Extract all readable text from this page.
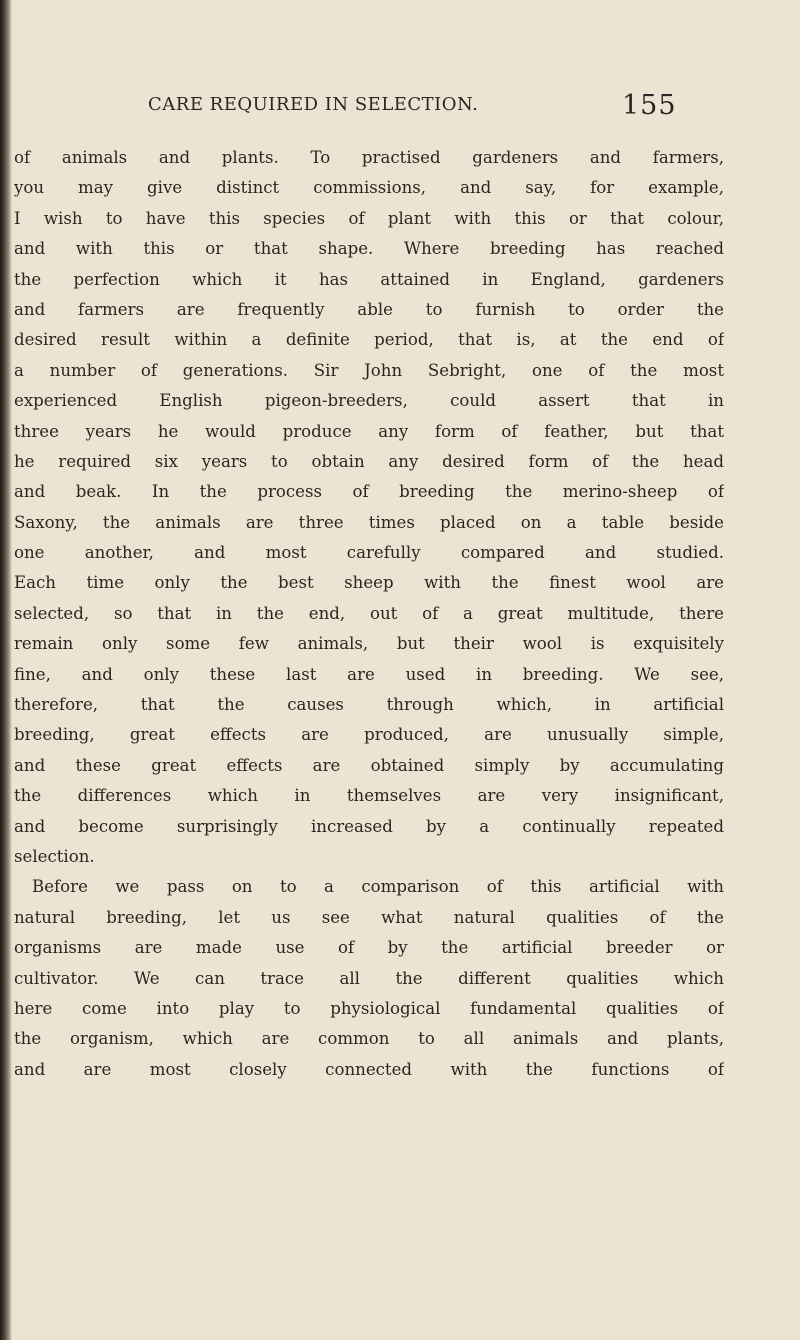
CARE REQUIRED IN SELECTION.	155
of animals and plants. To practised gardeners and farmers,
you may give distinct commissions, and say, for example,
I wish to have this species of plant with this or that colour,
and with this or that shape. Where breeding has reached
the perfection which it has attained in England, gardeners
and farmers are frequently able to furnish to order the
desired result within a definite period, that is, at the end of
a number of generations. Sir John Sebright, one of the most
experienced English pigeon-breeders, could assert that in
three years he would produce any form of feather, but that
he required six years to obtain any desired form of the head
and beak. In the process of breeding the merino-sheep of
Saxony, the animals are three times placed on a table beside
one another, and most carefully compared and studied.
Each time only the best sheep with the finest wool are
selected, so that in the end, out of a great multitude, there
remain only some few animals, but their wool is exquisitely
fine, and only these last are used in breeding. We see,
therefore, that the causes through which, in artificial
breeding, great effects are produced, are unusually simple,
and these great effects are obtained simply by accumulating
the differences which in themselves are very insignificant,
and become surprisingly increased by a continually repeated
selection.
Before we pass on to a comparison of this artificial with
natural breeding, let us see what natural qualities of the
organisms are made use of by the artificial breeder or
cultivator. We can trace all the different qualities which
here come into play to physiological fundamental qualities of
the organism, which are common to all animals and plants,
and are most closely connected with the functions of
